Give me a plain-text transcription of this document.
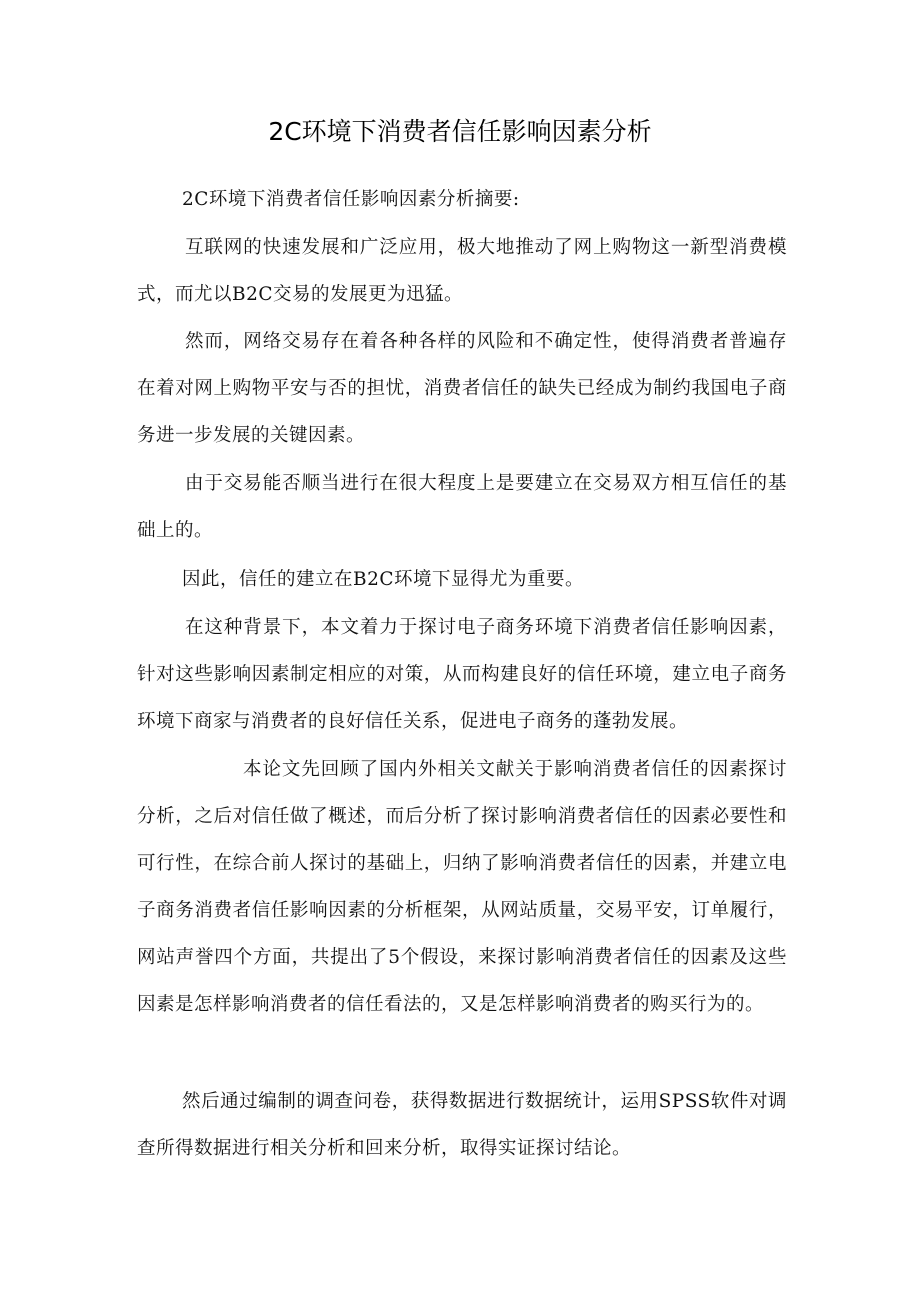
2C环境下消费者信任影响因素分析

2C环境下消费者信任影响因素分析摘要:

互联网的快速发展和广泛应用，极大地推动了网上购物这一新型消费模式，而尤以B2C交易的发展更为迅猛。

然而，网络交易存在着各种各样的风险和不确定性，使得消费者普遍存在着对网上购物平安与否的担忧，消费者信任的缺失已经成为制约我国电子商务进一步发展的关键因素。

由于交易能否顺当进行在很大程度上是要建立在交易双方相互信任的基础上的。

因此，信任的建立在B2C环境下显得尤为重要。

在这种背景下，本文着力于探讨电子商务环境下消费者信任影响因素，针对这些影响因素制定相应的对策，从而构建良好的信任环境，建立电子商务环境下商家与消费者的良好信任关系，促进电子商务的蓬勃发展。

本论文先回顾了国内外相关文献关于影响消费者信任的因素探讨分析，之后对信任做了概述，而后分析了探讨影响消费者信任的因素必要性和可行性，在综合前人探讨的基础上，归纳了影响消费者信任的因素，并建立电子商务消费者信任影响因素的分析框架，从网站质量，交易平安，订单履行，网站声誉四个方面，共提出了5个假设，来探讨影响消费者信任的因素及这些因素是怎样影响消费者的信任看法的，又是怎样影响消费者的购买行为的。

然后通过编制的调查问卷，获得数据进行数据统计，运用SPSS软件对调查所得数据进行相关分析和回来分析，取得实证探讨结论。
